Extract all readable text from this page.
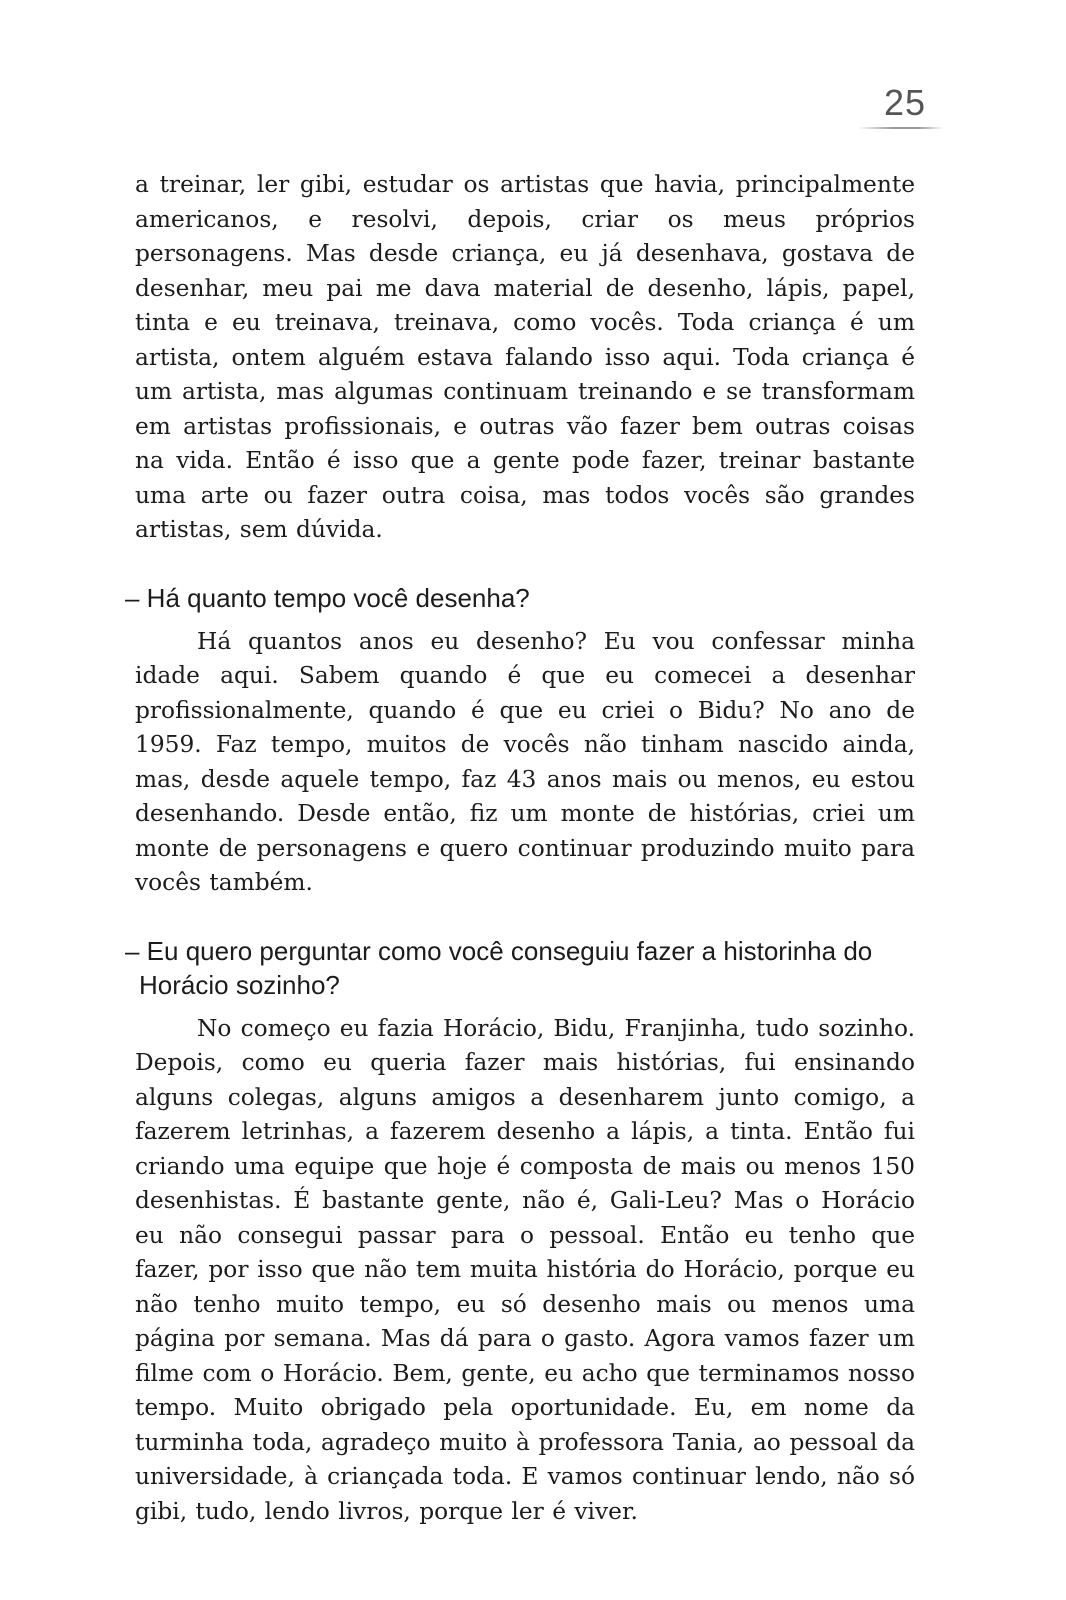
25

a treinar, ler gibi, estudar os artistas que havia, principalmente americanos, e resolvi, depois, criar os meus próprios personagens. Mas desde criança, eu já desenhava, gostava de desenhar, meu pai me dava material de desenho, lápis, papel, tinta e eu treinava, treinava, como vocês. Toda criança é um artista, ontem alguém estava falando isso aqui. Toda criança é um artista, mas algumas continuam treinando e se transformam em artistas profissionais, e outras vão fazer bem outras coisas na vida. Então é isso que a gente pode fazer, treinar bastante uma arte ou fazer outra coisa, mas todos vocês são grandes artistas, sem dúvida.

– Há quanto tempo você desenha?

Há quantos anos eu desenho? Eu vou confessar minha idade aqui. Sabem quando é que eu comecei a desenhar profissionalmente, quando é que eu criei o Bidu? No ano de 1959. Faz tempo, muitos de vocês não tinham nascido ainda, mas, desde aquele tempo, faz 43 anos mais ou menos, eu estou desenhando. Desde então, fiz um monte de histórias, criei um monte de personagens e quero continuar produzindo muito para vocês também.

– Eu quero perguntar como você conseguiu fazer a historinha do Horácio sozinho?

No começo eu fazia Horácio, Bidu, Franjinha, tudo sozinho. Depois, como eu queria fazer mais histórias, fui ensinando alguns colegas, alguns amigos a desenharem junto comigo, a fazerem letrinhas, a fazerem desenho a lápis, a tinta. Então fui criando uma equipe que hoje é composta de mais ou menos 150 desenhistas. É bastante gente, não é, Gali-Leu? Mas o Horácio eu não consegui passar para o pessoal. Então eu tenho que fazer, por isso que não tem muita história do Horácio, porque eu não tenho muito tempo, eu só desenho mais ou menos uma página por semana. Mas dá para o gasto. Agora vamos fazer um filme com o Horácio. Bem, gente, eu acho que terminamos nosso tempo. Muito obrigado pela oportunidade. Eu, em nome da turminha toda, agradeço muito à professora Tania, ao pessoal da universidade, à criançada toda. E vamos continuar lendo, não só gibi, tudo, lendo livros, porque ler é viver.
